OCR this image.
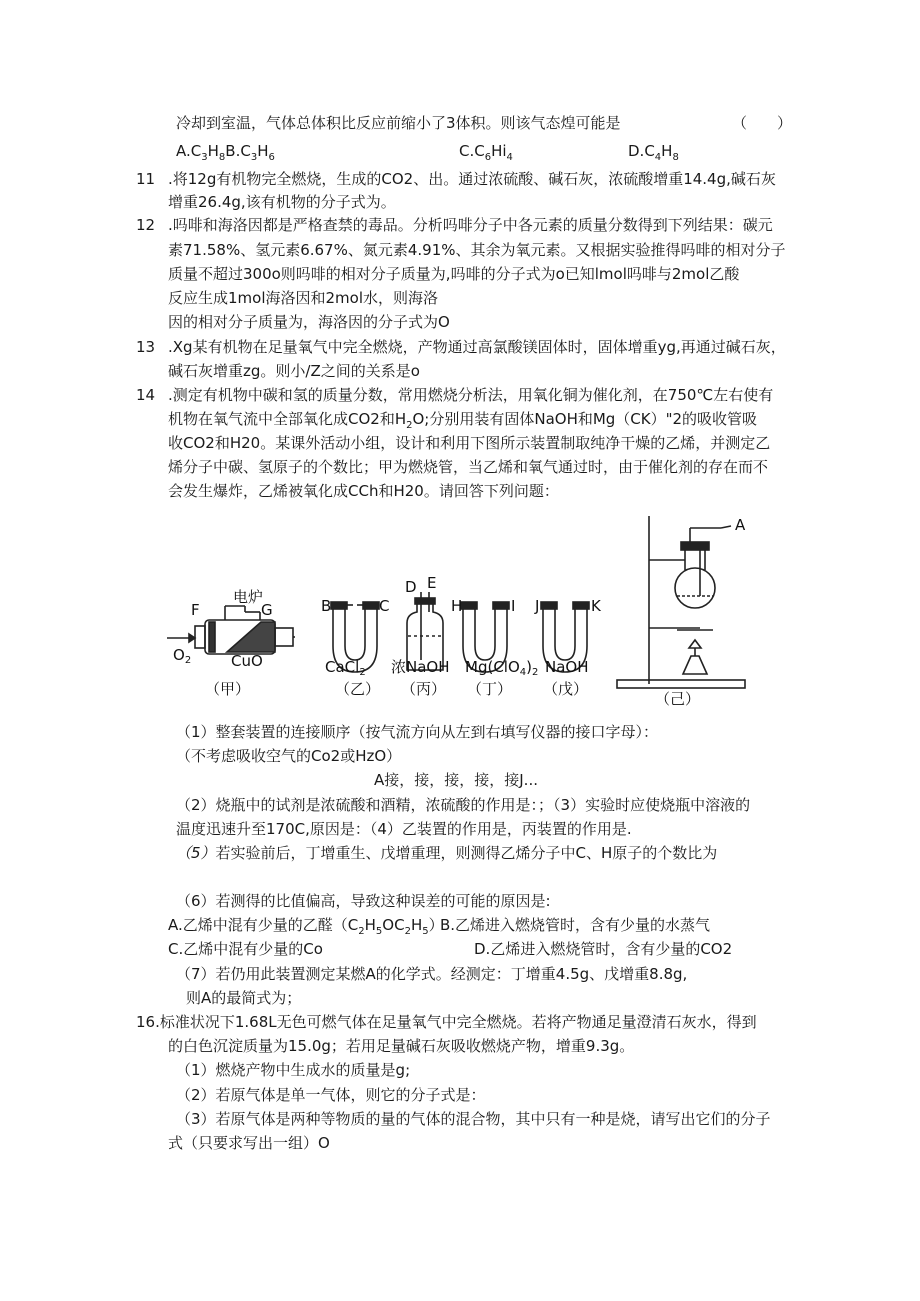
冷却到室温，气体总体积比反应前缩小了3体积。则该气态煌可能是	（　　）
$A.C_3H_8B.C_3H_6$	$C.C_6Hi_4$	$D.C_4H_8$
11 .将12g有机物完全燃烧，生成的CO2、出。通过浓硫酸、碱石灰，浓硫酸增重14.4g,碱石灰
增重26.4g,该有机物的分子式为。
12 .吗啡和海洛因都是严格查禁的毒品。分析吗啡分子中各元素的质量分数得到下列结果：碳元
素71.58%、氢元素6.67%、氮元素4.91%、其余为氧元素。又根据实验推得吗啡的相对分子
质量不超过300o则吗啡的相对分子质量为,吗啡的分子式为o已知lmol吗啡与2mol乙酸
反应生成1mol海洛因和2mol水，则海洛
因的相对分子质量为，海洛因的分子式为O
13 .Xg某有机物在足量氧气中完全燃烧，产物通过高氯酸镁固体时，固体增重yg,再通过碱石灰，
碱石灰增重zg。则小/Z之间的关系是o
14 .测定有机物中碳和氢的质量分数，常用燃烧分析法，用氧化铜为催化剂，在750℃左右使有
机物在氧气流中全部氧化成CO2和$H_2O$;分别用装有固体NaOH和Mg（CK）"2的吸收管吸
收CO2和H20。某课外活动小组，设计和利用下图所示装置制取纯净干燥的乙烯，并测定乙
烯分子中碳、氢原子的个数比；甲为燃烧管，当乙烯和氧气通过时，由于催化剂的存在而不
会发生爆炸，乙烯被氧化成CCh和H20。请回答下列问题：
电炉
F	G
$O_2$	CuO
（甲）
B	C
CaCl$_2$
（乙）
D E
浓NaOH
（丙）
H	I
$Mg(ClO_4)_2$
（丁）
J	K
NaOH
（戊）
A
（己）
（1）整套装置的连接顺序（按气流方向从左到右填写仪器的接口字母）：
（不考虑吸收空气的Co2或HzO）
A接，接，接，接，接J...
（2）烧瓶中的试剂是浓硫酸和酒精，浓硫酸的作用是：；（3）实验时应使烧瓶中溶液的
温度迅速升至170C,原因是：（4）乙装置的作用是，丙装置的作用是.
（5）若实验前后，丁增重生、戊增重理，则测得乙烯分子中C、H原子的个数比为
（6）若测得的比值偏高，导致这种误差的可能的原因是:
A.乙烯中混有少量的乙醛$(C_2H_5OC_2H_5)$
B.乙烯进入燃烧管时，含有少量的水蒸气
C.乙烯中混有少量的Co	D.乙烯进入燃烧管时，含有少量的CO2
（7）若仍用此装置测定某燃A的化学式。经测定：丁增重4.5g、戊增重8.8g,
则A的最简式为；
16.标准状况下1.68L无色可燃气体在足量氧气中完全燃烧。若将产物通足量澄清石灰水，得到
的白色沉淀质量为15.0g；若用足量碱石灰吸收燃烧产物，增重9.3g。
（1）燃烧产物中生成水的质量是g;
（2）若原气体是单一气体，则它的分子式是：
（3）若原气体是两种等物质的量的气体的混合物，其中只有一种是烧，请写出它们的分子
式（只要求写出一组）O
